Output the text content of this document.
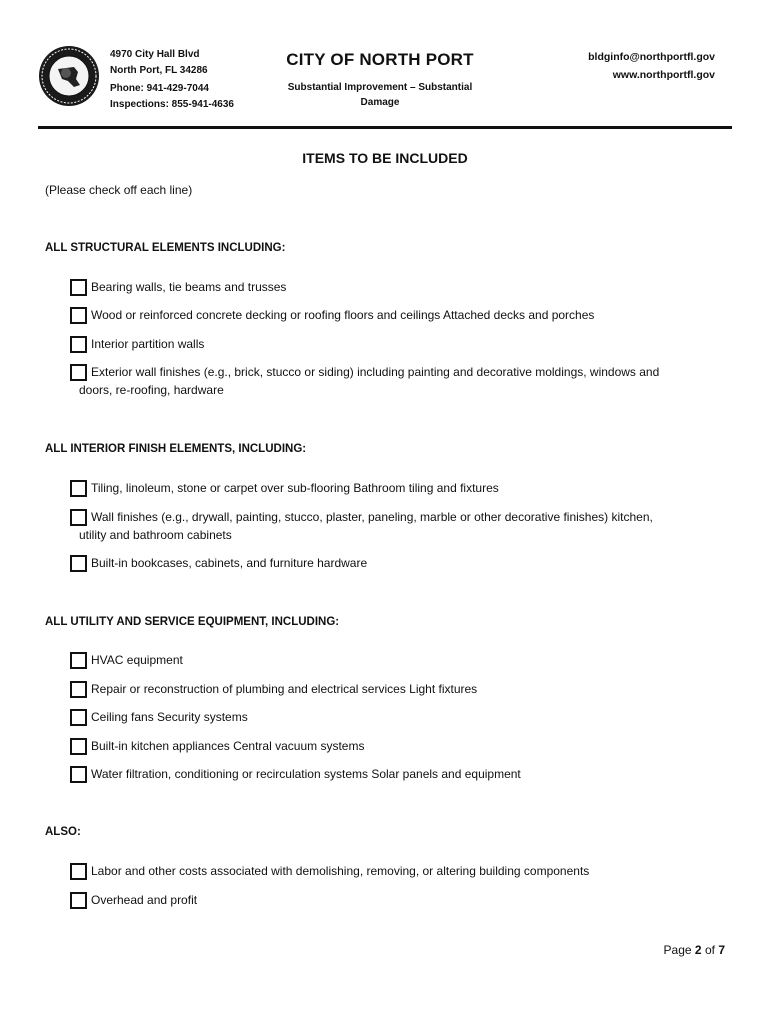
4970 City Hall Blvd
North Port, FL 34286
Phone: 941-429-7044
Inspections: 855-941-4636
CITY OF NORTH PORT
Substantial Improvement – Substantial Damage
bldginfo@northportfl.gov
www.northportfl.gov
ITEMS TO BE INCLUDED
(Please check off each line)
ALL STRUCTURAL ELEMENTS INCLUDING:
Bearing walls, tie beams and trusses
Wood or reinforced concrete decking or roofing floors and ceilings Attached decks and porches
Interior partition walls
Exterior wall finishes (e.g., brick, stucco or siding) including painting and decorative moldings, windows and
doors, re-roofing, hardware
ALL INTERIOR FINISH ELEMENTS, INCLUDING:
Tiling, linoleum, stone or carpet over sub-flooring Bathroom tiling and fixtures
Wall finishes (e.g., drywall, painting, stucco, plaster, paneling, marble or other decorative finishes) kitchen,
utility and bathroom cabinets
Built-in bookcases, cabinets, and furniture hardware
ALL UTILITY AND SERVICE EQUIPMENT, INCLUDING:
HVAC equipment
Repair or reconstruction of plumbing and electrical services Light fixtures
Ceiling fans Security systems
Built-in kitchen appliances Central vacuum systems
Water filtration, conditioning or recirculation systems Solar panels and equipment
ALSO:
Labor and other costs associated with demolishing, removing, or altering building components
Overhead and profit
Page 2 of 7
